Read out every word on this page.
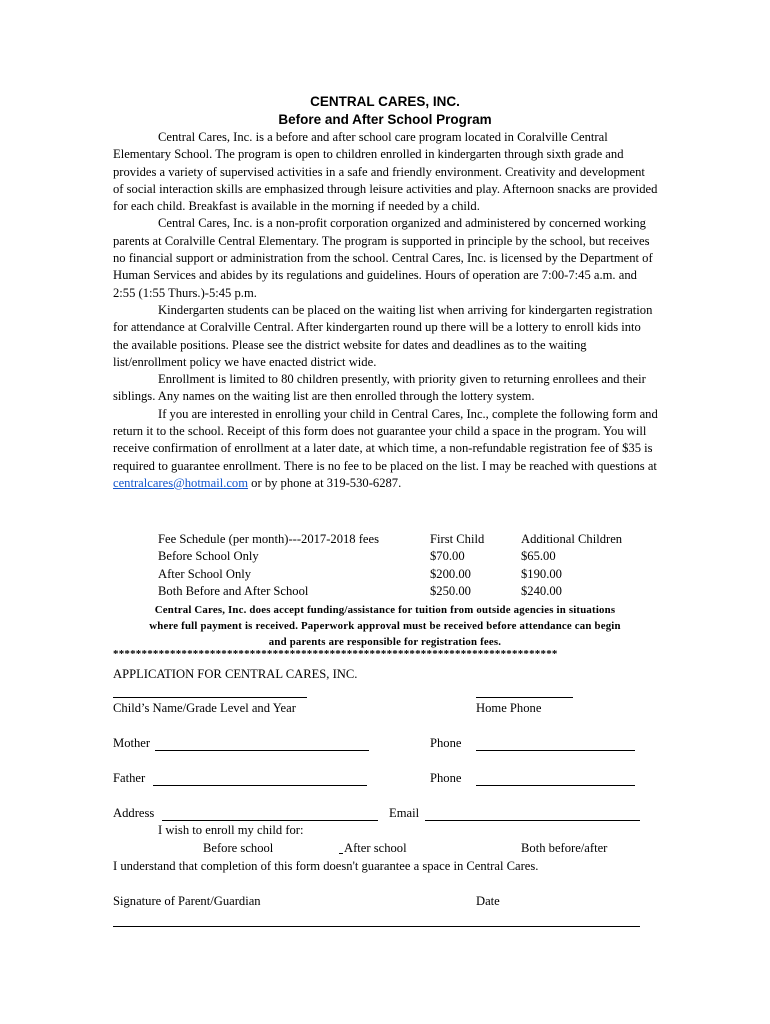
CENTRAL CARES, INC.
Before and After School Program

Central Cares, Inc. is a before and after school care program located in Coralville Central Elementary School. The program is open to children enrolled in kindergarten through sixth grade and provides a variety of supervised activities in a safe and friendly environment. Creativity and development of social interaction skills are emphasized through leisure activities and play. Afternoon snacks are provided for each child. Breakfast is available in the morning if needed by a child.

Central Cares, Inc. is a non-profit corporation organized and administered by concerned working parents at Coralville Central Elementary. The program is supported in principle by the school, but receives no financial support or administration from the school. Central Cares, Inc. is licensed by the Department of Human Services and abides by its regulations and guidelines. Hours of operation are 7:00-7:45 a.m. and 2:55 (1:55 Thurs.)-5:45 p.m.

Kindergarten students can be placed on the waiting list when arriving for kindergarten registration for attendance at Coralville Central. After kindergarten round up there will be a lottery to enroll kids into the available positions. Please see the district website for dates and deadlines as to the waiting list/enrollment policy we have enacted district wide.

Enrollment is limited to 80 children presently, with priority given to returning enrollees and their siblings. Any names on the waiting list are then enrolled through the lottery system.

If you are interested in enrolling your child in Central Cares, Inc., complete the following form and return it to the school. Receipt of this form does not guarantee your child a space in the program. You will receive confirmation of enrollment at a later date, at which time, a non-refundable registration fee of $35 is required to guarantee enrollment. There is no fee to be placed on the list. I may be reached with questions at centralcares@hotmail.com or by phone at 319-530-6287.

Fee Schedule (per month)---2017-2018 fees	First Child	Additional Children
Before School Only	$70.00	$65.00
After School Only	$200.00	$190.00
Both Before and After School	$250.00	$240.00
Central Cares, Inc. does accept funding/assistance for tuition from outside agencies in situations
where full payment is received. Paperwork approval must be received before attendance can begin
and parents are responsible for registration fees.
******************************************************************************
APPLICATION FOR CENTRAL CARES, INC.
Child’s Name/Grade Level and Year	Home Phone
Mother	Phone
Father	Phone
Address	Email
I wish to enroll my child for:
Before school	After school	Both before/after
I understand that completion of this form doesn't guarantee a space in Central Cares.
Signature of Parent/Guardian	Date
